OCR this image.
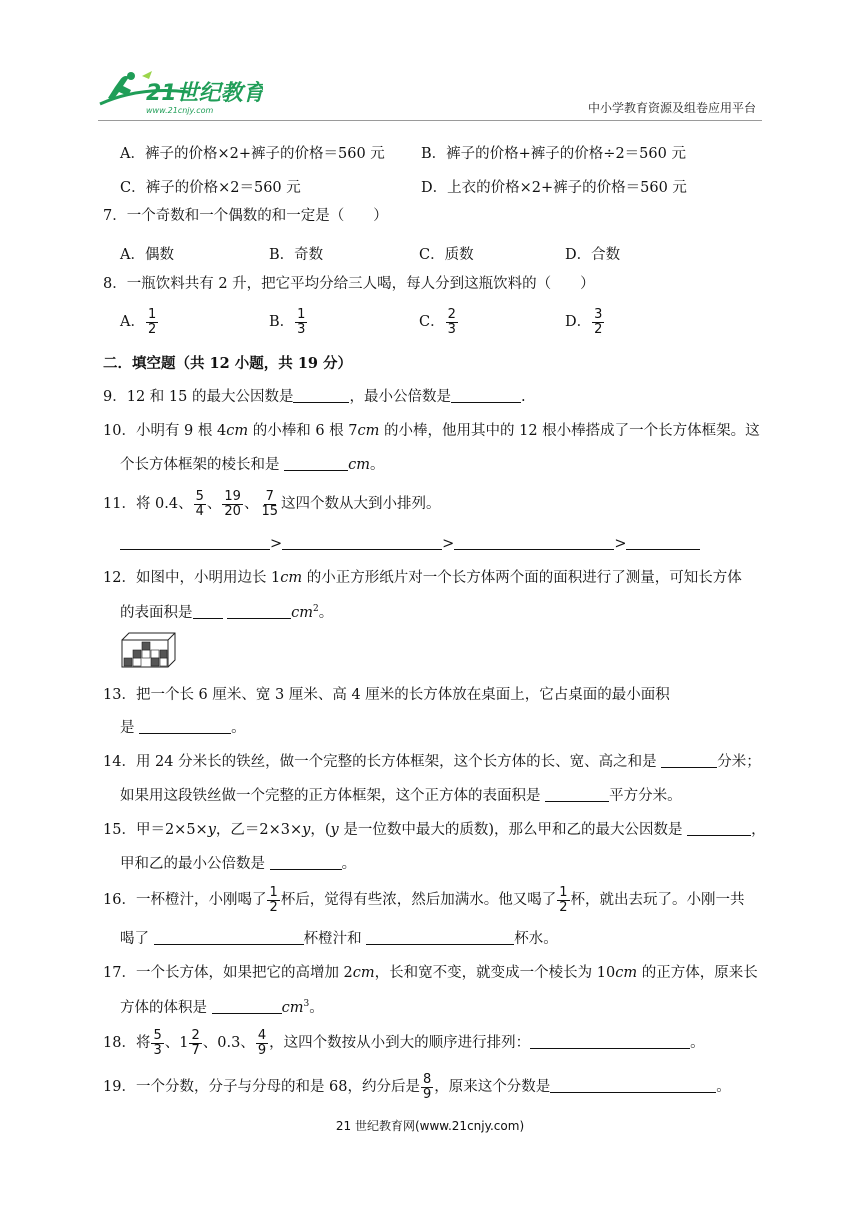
21世纪教育
www.21cnjy.com	中小学教育资源及组卷应用平台
A．裤子的价格×2+裤子的价格＝560 元 B．裤子的价格+裤子的价格÷2＝560 元
C．裤子的价格×2＝560 元	D．上衣的价格×2+裤子的价格＝560 元
7．一个奇数和一个偶数的和一定是（　　）
A．偶数	B．奇数	C．质数	D．合数
8．一瓶饮料共有 2 升，把它平均分给三人喝，每人分到这瓶饮料的（　　）
A． $\frac{1}{2}$	B． $\frac{1}{3}$	C． $\frac{2}{3}$	D． $\frac{3}{2}$
二．填空题（共 12 小题，共 19 分）
9．12 和 15 的最大公因数是	，最小公倍数是	.
10．小明有 9 根 4cm 的小棒和 6 根 7cm 的小棒，他用其中的 12 根小棒搭成了一个长方体框架。这
个长方体框架的棱长和是	cm。
11．将 0.4、 $\frac{5}{4}$ 、 $\frac{19}{20}$ 、 $\frac{7}{15}$ 这四个数从大到小排列。
>	>	>
12．如图中，小明用边长 1cm 的小正方形纸片对一个长方体两个面的面积进行了测量，可知长方体
的表面积是	$cm^2$。
13．把一个长 6 厘米、宽 3 厘米、高 4 厘米的长方体放在桌面上，它占桌面的最小面积
是	。
14．用 24 分米长的铁丝，做一个完整的长方体框架，这个长方体的长、宽、高之和是	分米；
如果用这段铁丝做一个完整的正方体框架，这个正方体的表面积是	平方分米。
15．甲＝2×5×y，乙＝2×3×y，(y 是一位数中最大的质数)，那么甲和乙的最大公因数是	，
甲和乙的最小公倍数是	。
16．一杯橙汁，小刚喝了 $\frac{1}{2}$ 杯后，觉得有些浓，然后加满水。他又喝了 $\frac{1}{2}$ 杯，就出去玩了。小刚一共
喝了	杯橙汁和	杯水。
17．一个长方体，如果把它的高增加 2cm，长和宽不变，就变成一个棱长为 10cm 的正方体，原来长
方体的体积是	$cm^3$。
18．将 $\frac{5}{3}$ 、$1 \frac{2}{7}$ 、0.3、 $\frac{4}{9}$ ，这四个数按从小到大的顺序进行排列：	。
19．一个分数，分子与分母的和是 68，约分后是 $\frac{8}{9}$ ，原来这个分数是	。
21 世纪教育网(www.21cnjy.com)
